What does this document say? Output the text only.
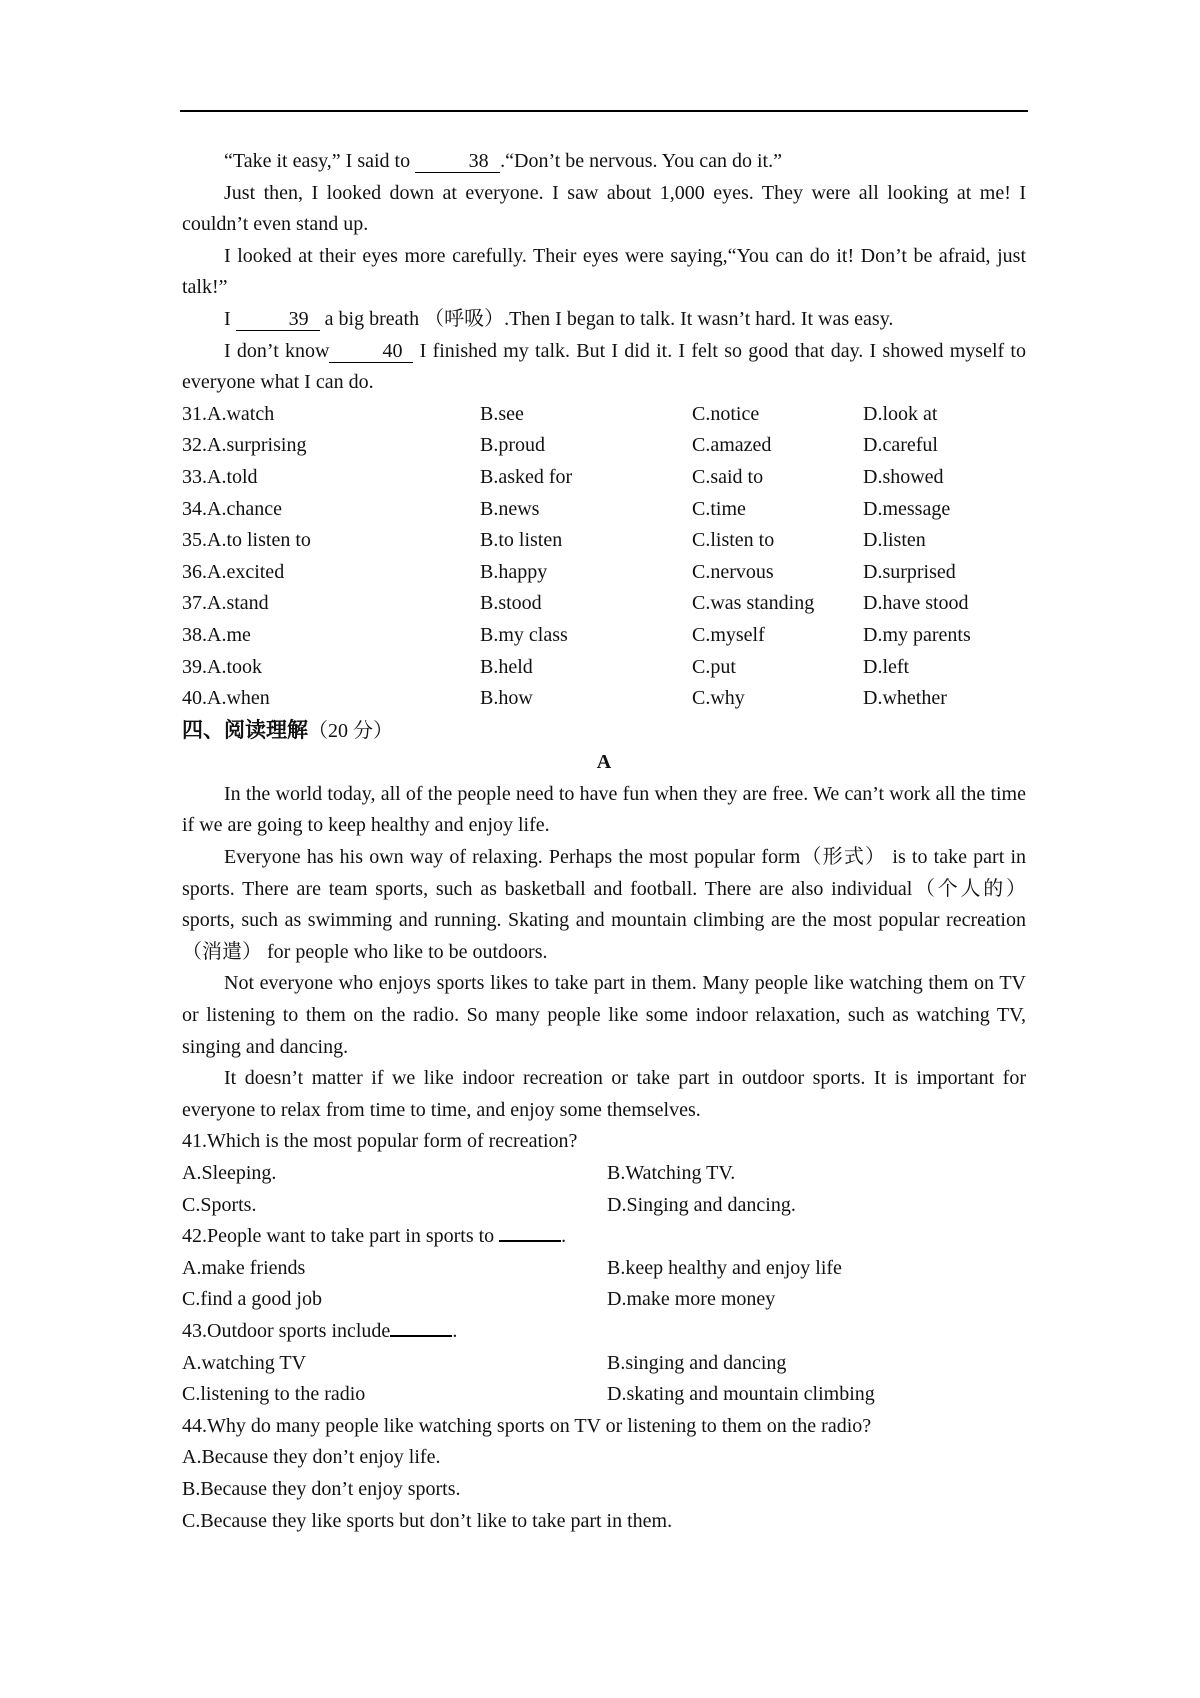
“Take it easy,” I said to	38 .“Don’t be nervous. You can do it.”

Just then, I looked down at everyone. I saw about 1,000 eyes. They were all looking at me! I couldn’t even stand up.

I looked at their eyes more carefully. Their eyes were saying,“You can do it! Don’t be afraid, just talk!”

I	39 a big breath （呼吸）.Then I began to talk. It wasn’t hard. It was easy.

I don’t know	40 I finished my talk. But I did it. I felt so good that day. I showed myself to everyone what I can do.

31.A.watch	B.see	C.notice	D.look at
32.A.surprising	B.proud	C.amazed	D.careful
33.A.told	B.asked for	C.said to	D.showed
34.A.chance	B.news	C.time	D.message
35.A.to listen to	B.to listen	C.listen to	D.listen
36.A.excited	B.happy	C.nervous	D.surprised
37.A.stand	B.stood	C.was standing	D.have stood
38.A.me	B.my class	C.myself	D.my parents
39.A.took	B.held	C.put	D.left
40.A.when	B.how	C.why	D.whether

四、阅读理解（20 分）

A

In the world today, all of the people need to have fun when they are free. We can’t work all the time if we are going to keep healthy and enjoy life.

Everyone has his own way of relaxing. Perhaps the most popular form（形式） is to take part in sports. There are team sports, such as basketball and football. There are also individual（个人的） sports, such as swimming and running. Skating and mountain climbing are the most popular recreation （消遣） for people who like to be outdoors.

Not everyone who enjoys sports likes to take part in them. Many people like watching them on TV or listening to them on the radio. So many people like some indoor relaxation, such as watching TV, singing and dancing.

It doesn’t matter if we like indoor recreation or take part in outdoor sports. It is important for everyone to relax from time to time, and enjoy some themselves.

41.Which is the most popular form of recreation?

A.Sleeping.	B.Watching TV.
C.Sports.	D.Singing and dancing.

42.People want to take part in sports to	.

A.make friends	B.keep healthy and enjoy life
C.find a good job	D.make more money

43.Outdoor sports include	.

A.watching TV	B.singing and dancing
C.listening to the radio	D.skating and mountain climbing

44.Why do many people like watching sports on TV or listening to them on the radio?

A.Because they don’t enjoy life.

B.Because they don’t enjoy sports.

C.Because they like sports but don’t like to take part in them.
